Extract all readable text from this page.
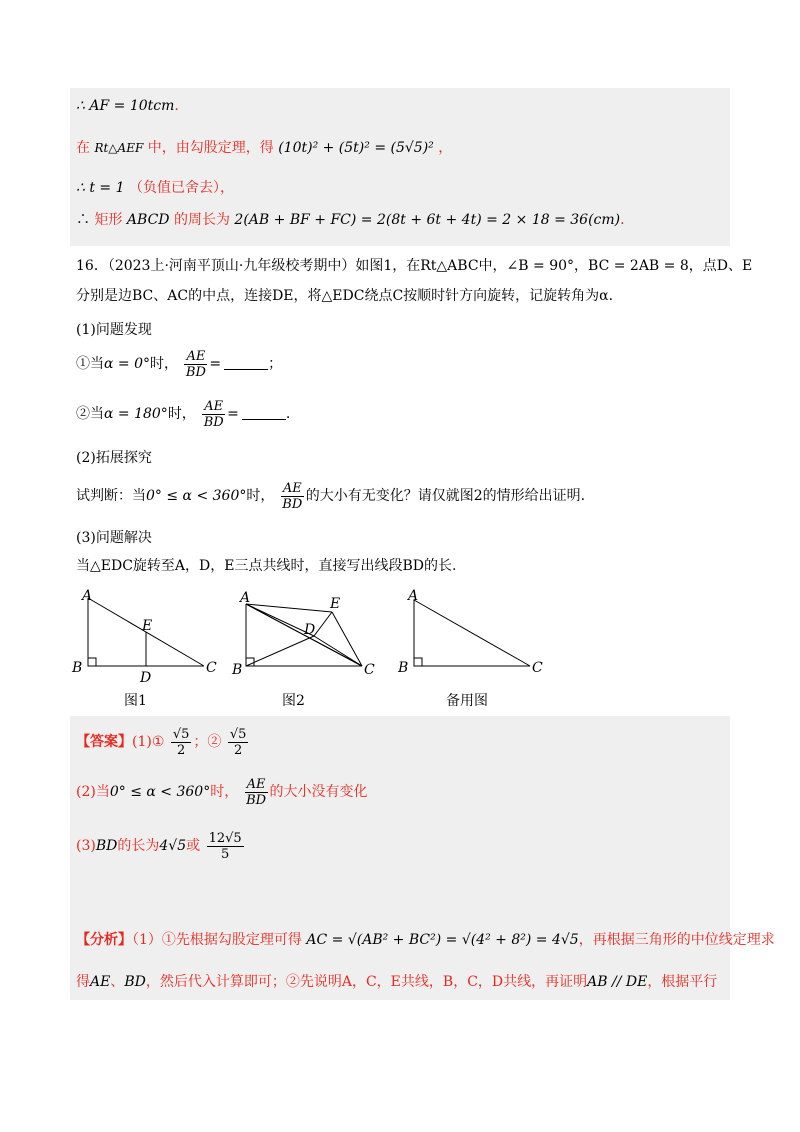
∴ AF = 10tcm.
在 Rt△AEF 中，由勾股定理，得 (10t)² + (5t)² = (5√5)² ，
∴ t = 1 （负值已舍去），
∴ 矩形 ABCD 的周长为 2(AB + BF + FC) = 2(8t + 6t + 4t) = 2 × 18 = 36(cm).
16．（2023上·河南平顶山·九年级校考期中）如图1，在Rt△ABC中，∠B = 90°，BC = 2AB = 8，点D、E
分别是边BC、AC的中点，连接DE，将△EDC绕点C按顺时针方向旋转，记旋转角为α.
(1)问题发现
①当α = 0°时， $\frac{AE}{BD}$ =	；
②当α = 180°时， $\frac{AE}{BD}$ =	.
(2)拓展探究
试判断：当0° ≤ α < 360°时， $\frac{AE}{BD}$ 的大小有无变化？请仅就图2的情形给出证明.
(3)问题解决
当△EDC旋转至A，D，E三点共线时，直接写出线段BD的长.
A
E
B
D
C
图1
A	E
D
B	C
图2
A
B	C
备用图
【答案】(1)① $\frac{√5}{2}$ ；② $\frac{√5}{2}$
(2)当0° ≤ α < 360°时， $\frac{AE}{BD}$ 的大小没有变化
(3)BD的长为4√5或 $\frac{12√5}{5}$
【分析】（1）①先根据勾股定理可得 AC = √(AB² + BC²) = √(4² + 8²) = 4√5，再根据三角形的中位线定理求
得AE、BD，然后代入计算即可；②先说明A，C，E共线，B，C，D共线，再证明AB // DE，根据平行
